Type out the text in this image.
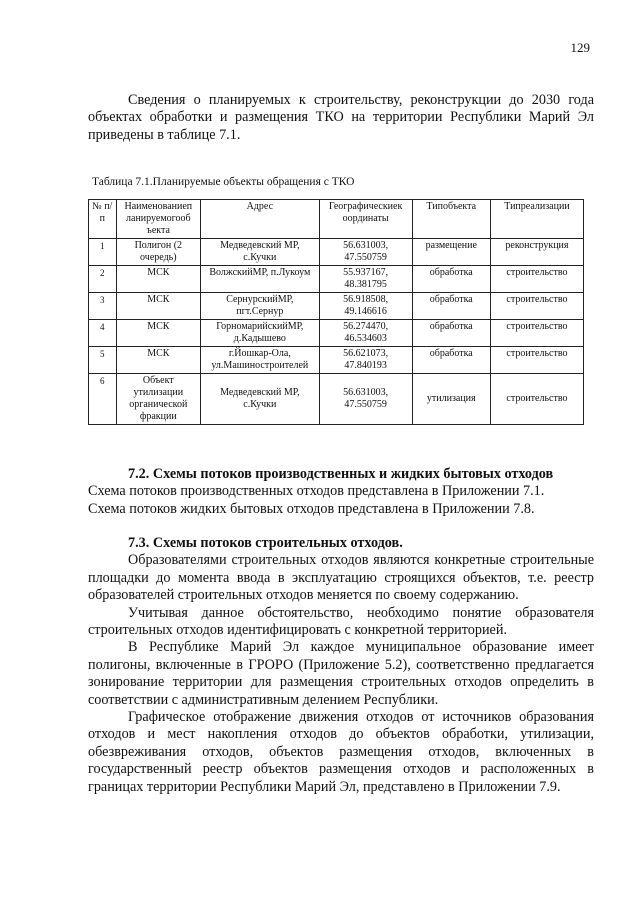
129
Сведения о планируемых к строительству, реконструкции до 2030 года
объектах обработки и размещения ТКО на территории Республики Марий Эл
приведены в таблице 7.1.
Таблица 7.1.Планируемые объекты обращения с ТКО
№ п/п	Наименованиеп ланируемогооб ъекта	Адрес	Географическиек оординаты	Типобъекта	Типреализации
1	Полигон (2 очередь)	Медведевский МР, с.Кучки	56.631003, 47.550759	размещение	реконструкция
2	МСК	ВолжскийМР, п.Лукоум	55.937167, 48.381795	обработка	строительство
3	МСК	СернурскийМР, пгт.Сернур	56.918508, 49.146616	обработка	строительство
4	МСК	ГорномарийскийМР, д.Кадышево	56.274470, 46.534603	обработка	строительство
5	МСК	г.Йошкар-Ола, ул.Машиностроителей	56.621073, 47.840193	обработка	строительство
6	Объект утилизации органической фракции	Медведевский МР, с.Кучки	56.631003, 47.550759	утилизация	строительство
7.2. Схемы потоков производственных и жидких бытовых отходов
Схема потоков производственных отходов представлена в Приложении 7.1.
Схема потоков жидких бытовых отходов представлена в Приложении 7.8.
7.3. Схемы потоков строительных отходов.

Образователями строительных отходов являются конкретные строительные площадки до момента ввода в эксплуатацию строящихся объектов, т.е. реестр образователей строительных отходов меняется по своему содержанию.

Учитывая данное обстоятельство, необходимо понятие образователя строительных отходов идентифицировать с конкретной территорией.

В Республике Марий Эл каждое муниципальное образование имеет полигоны, включенные в ГРОРО (Приложение 5.2), соответственно предлагается зонирование территории для размещения строительных отходов определить в соответствии с административным делением Республики.

Графическое отображение движения отходов от источников образования отходов и мест накопления отходов до объектов обработки, утилизации, обезвреживания отходов, объектов размещения отходов, включенных в государственный реестр объектов размещения отходов и расположенных в границах территории Республики Марий Эл, представлено в Приложении 7.9.
